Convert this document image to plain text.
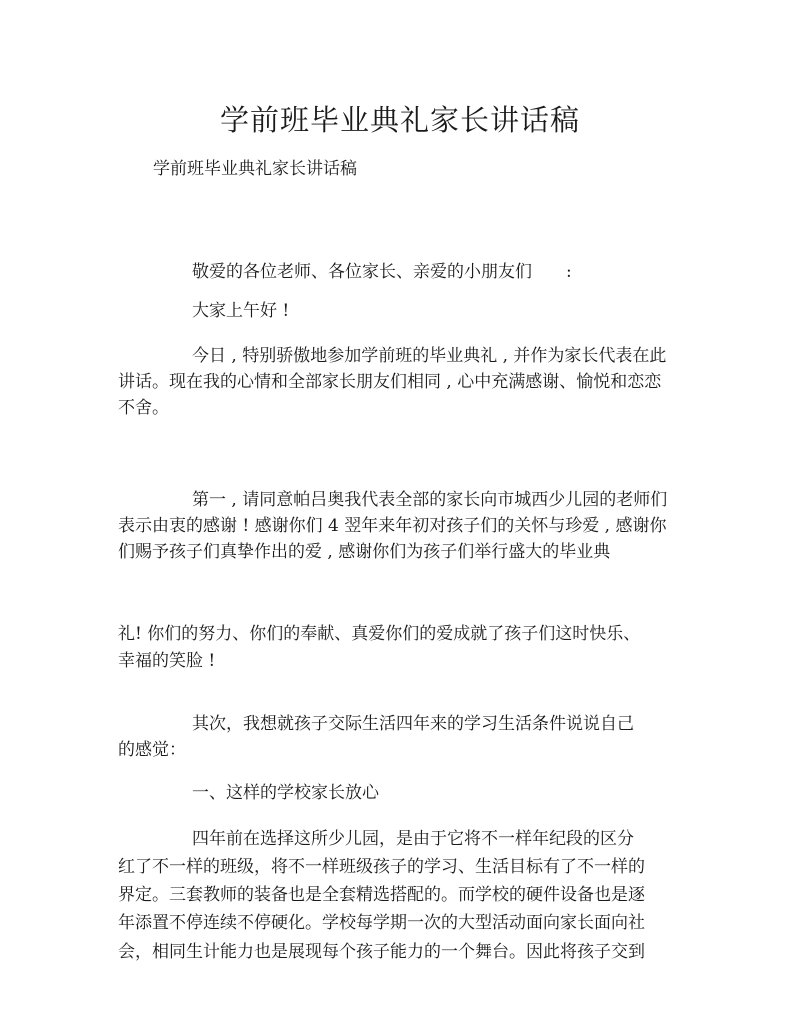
学前班毕业典礼家长讲话稿
学前班毕业典礼家长讲话稿
敬爱的各位老师、各位家长、亲爱的小朋友们　　:
大家上午好 !
今日 , 特别骄傲地参加学前班的毕业典礼 , 并作为家长代表在此
讲话。现在我的心情和全部家长朋友们相同 , 心中充满感谢、愉悦和恋恋
不舍。
第一 , 请同意帕吕奥我代表全部的家长向市城西少儿园的老师们
表示由衷的感谢 ! 感谢你们 4 翌年来年初对孩子们的关怀与珍爱 , 感谢你
们赐予孩子们真挚作出的爱 , 感谢你们为孩子们举行盛大的毕业典
礼! 你们的努力、你们的奉献、真爱你们的爱成就了孩子们这时快乐、
幸福的笑脸 !
其次，我想就孩子交际生活四年来的学习生活条件说说自己
的感觉：
一、这样的学校家长放心
四年前在选择这所少儿园，是由于它将不一样年纪段的区分
红了不一样的班级，将不一样班级孩子的学习、生活目标有了不一样的
界定。三套教师的装备也是全套精选搭配的。而学校的硬件设备也是逐
年添置不停连续不停硬化。学校每学期一次的大型活动面向家长面向社
会，相同生计能力也是展现每个孩子能力的一个舞台。因此将孩子交到
